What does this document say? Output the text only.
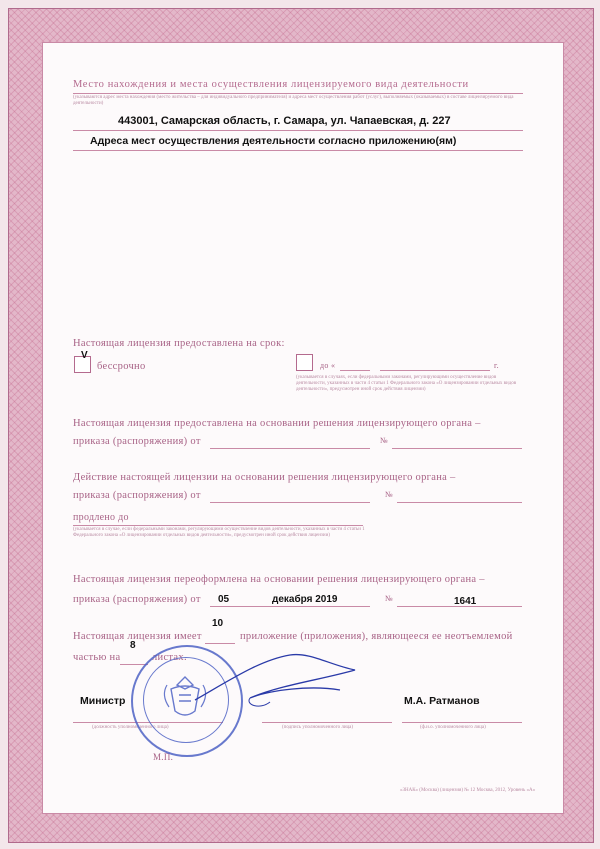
Место нахождения и места осуществления лицензируемого вида деятельности
(указываются адрес места нахождения (место жительства – для индивидуального предпринимателя) и адреса мест осуществления работ (услуг), выполняемых (оказываемых) в составе лицензируемого вида деятельности)
443001, Самарская область, г. Самара, ул. Чапаевская, д. 227
Адреса мест осуществления деятельности согласно приложению(ям)
Настоящая лицензия предоставлена на срок:
V
бессрочно	до «	г.
(указывается в случаях, если федеральными законами, регулирующими осуществление видов деятельности, указанных в части 4 статьи 1 Федерального закона «О лицензировании отдельных видов деятельности», предусмотрен иной срок действия лицензии)
Настоящая лицензия предоставлена на основании решения лицензирующего органа –
приказа (распоряжения) от	№
Действие настоящей лицензии на основании решения лицензирующего органа –
приказа (распоряжения) от	№
продлено до
(указывается в случае, если федеральными законами, регулирующими осуществление видов деятельности, указанных в части 4 статьи 1 Федерального закона «О лицензировании отдельных видов деятельности», предусмотрен иной срок действия лицензии)
Настоящая лицензия переоформлена на основании решения лицензирующего органа –
приказа (распоряжения) от 05	декабря 2019	№	1641
10
Настоящая лицензия имеет	приложение (приложения), являющееся ее неотъемлемой
8
частью на	листах.
Министр
(должность уполномоченного лица)	(подпись уполномоченного лица)
М.А. Ратманов
(ф.и.о. уполномоченного лица)
М.П.
«ЗНАК» (Москва) (лицензия) № 12 Москва, 2012, Уровень «А»
